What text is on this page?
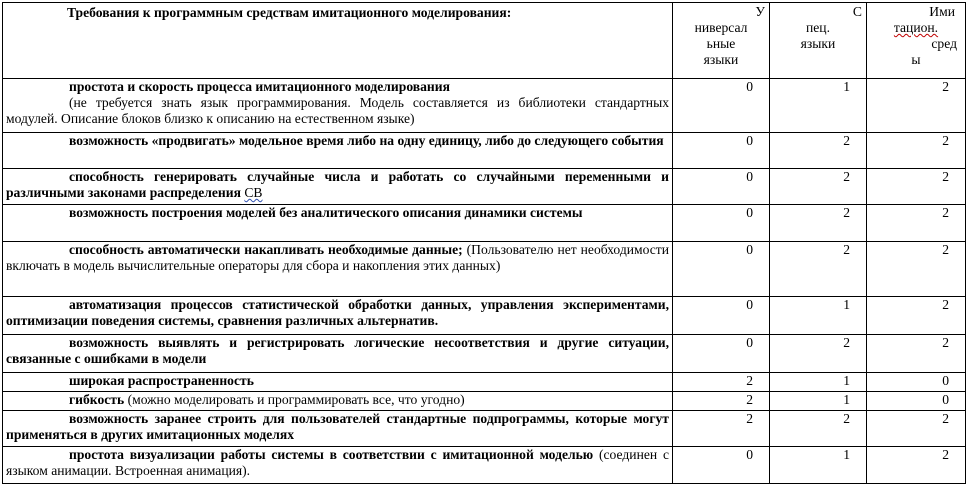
Требования к программным средствам имитационного моделирования:	У
ниверсал
ьные
языки	С
пец.
языки	Ими
тацион.
сред
ы

простота и скорость процесса имитационного моделирования
(не требуется знать язык программирования. Модель составляется из библиотеки стандартных модулей. Описание блоков близко к описанию на естественном языке)	0	1	2
возможность «продвигать» модельное время либо на одну единицу, либо до следующего события	0	2	2
способность генерировать случайные числа и работать со случайными переменными и различными законами распределения СВ	0	2	2
возможность построения моделей без аналитического описания динамики системы	0	2	2
способность автоматически накапливать необходимые данные; (Пользователю нет необходимости включать в модель вычислительные операторы для сбора и накопления этих данных)	0	2	2
автоматизация процессов статистической обработки данных, управления экспериментами, оптимизации поведения системы, сравнения различных альтернатив.	0	1	2
возможность выявлять и регистрировать логические несоответствия и другие ситуации, связанные с ошибками в модели	0	2	2
широкая распространенность	2	1	0
гибкость (можно моделировать и программировать все, что угодно)	2	1	0
возможность заранее строить для пользователей стандартные подпрограммы, которые могут применяться в других имитационных моделях	2	2	2
простота визуализации работы системы в соответствии с имитационной моделью (соединен с языком анимации. Встроенная анимация).	0	1	2
